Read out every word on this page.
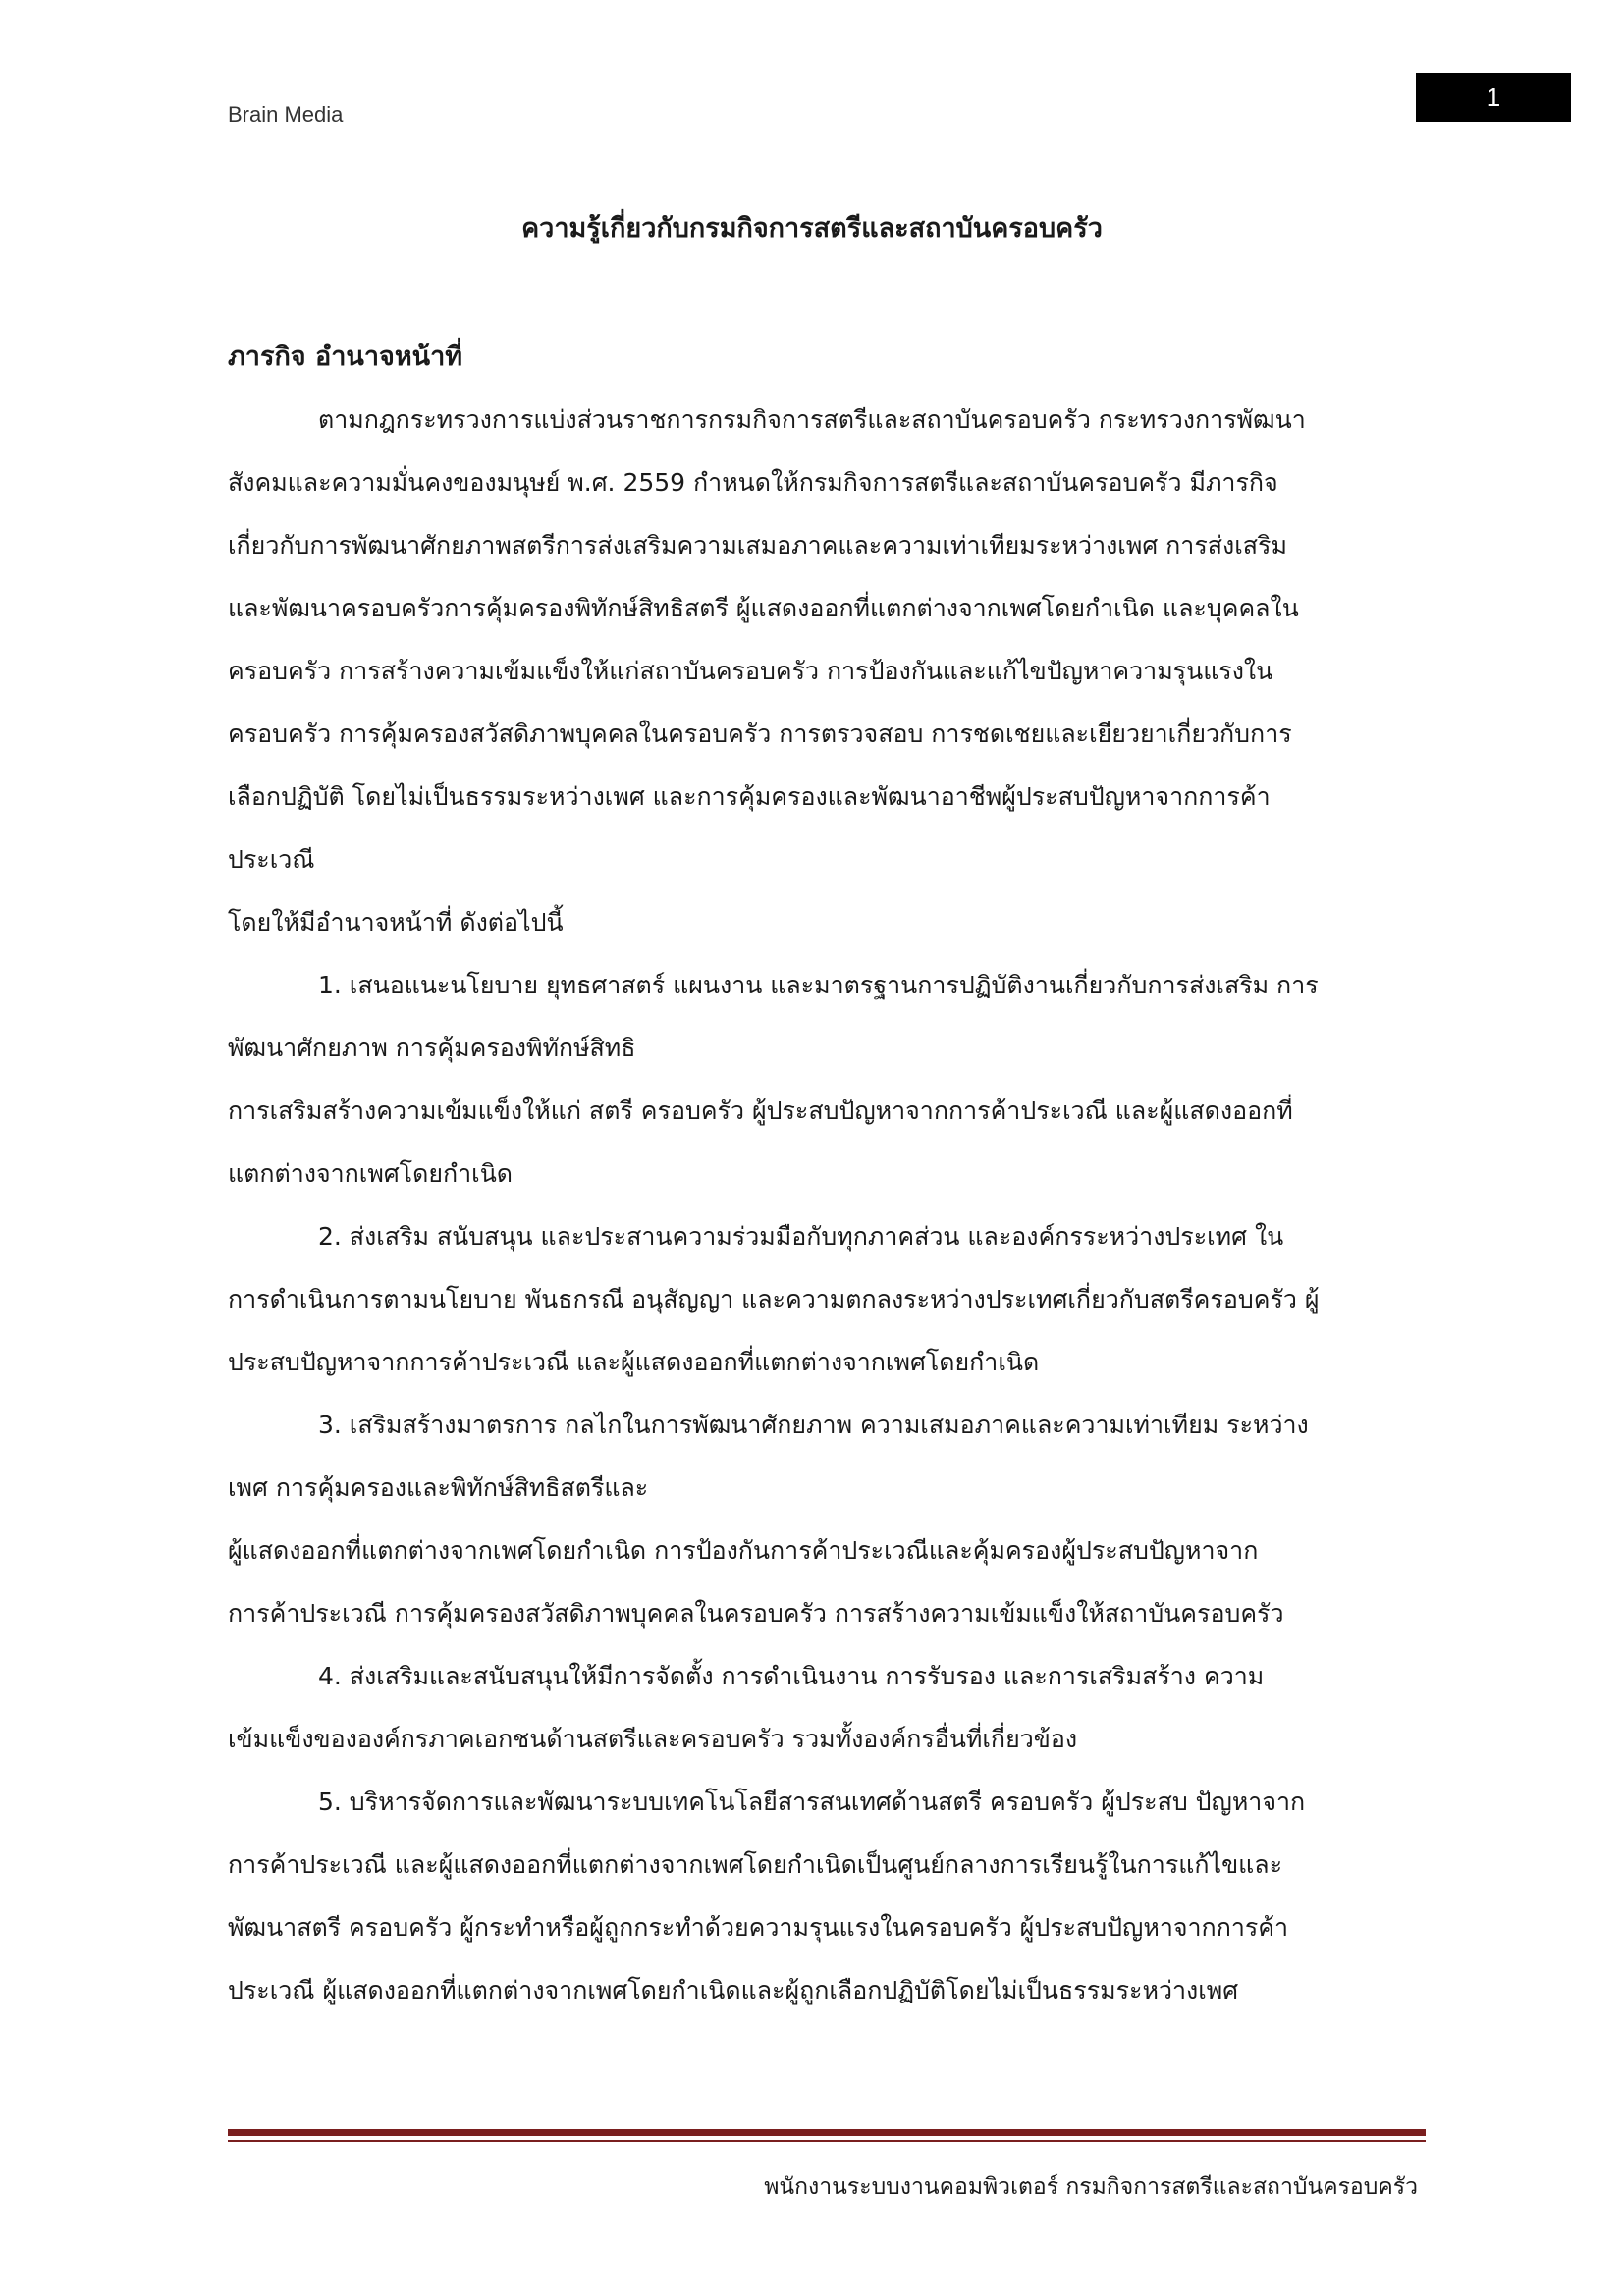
Brain Media
1
ความรู้เกี่ยวกับกรมกิจการสตรีและสถาบันครอบครัว
ภารกิจ อำนาจหน้าที่
ตามกฎกระทรวงการแบ่งส่วนราชการกรมกิจการสตรีและสถาบันครอบครัว กระทรวงการพัฒนา
สังคมและความมั่นคงของมนุษย์ พ.ศ. 2559 กำหนดให้กรมกิจการสตรีและสถาบันครอบครัว มีภารกิจ
เกี่ยวกับการพัฒนาศักยภาพสตรีการส่งเสริมความเสมอภาคและความเท่าเทียมระหว่างเพศ การส่งเสริม
และพัฒนาครอบครัวการคุ้มครองพิทักษ์สิทธิสตรี ผู้แสดงออกที่แตกต่างจากเพศโดยกำเนิด และบุคคลใน
ครอบครัว การสร้างความเข้มแข็งให้แก่สถาบันครอบครัว การป้องกันและแก้ไขปัญหาความรุนแรงใน
ครอบครัว การคุ้มครองสวัสดิภาพบุคคลในครอบครัว การตรวจสอบ การชดเชยและเยียวยาเกี่ยวกับการ
เลือกปฏิบัติ โดยไม่เป็นธรรมระหว่างเพศ และการคุ้มครองและพัฒนาอาชีพผู้ประสบปัญหาจากการค้า
ประเวณี
โดยให้มีอำนาจหน้าที่ ดังต่อไปนี้
1. เสนอแนะนโยบาย ยุทธศาสตร์ แผนงาน และมาตรฐานการปฏิบัติงานเกี่ยวกับการส่งเสริม การ
พัฒนาศักยภาพ การคุ้มครองพิทักษ์สิทธิ
การเสริมสร้างความเข้มแข็งให้แก่ สตรี ครอบครัว ผู้ประสบปัญหาจากการค้าประเวณี และผู้แสดงออกที่
แตกต่างจากเพศโดยกำเนิด
2. ส่งเสริม สนับสนุน และประสานความร่วมมือกับทุกภาคส่วน และองค์กรระหว่างประเทศ ใน
การดำเนินการตามนโยบาย พันธกรณี อนุสัญญา และความตกลงระหว่างประเทศเกี่ยวกับสตรีครอบครัว ผู้
ประสบปัญหาจากการค้าประเวณี และผู้แสดงออกที่แตกต่างจากเพศโดยกำเนิด
3. เสริมสร้างมาตรการ กลไกในการพัฒนาศักยภาพ ความเสมอภาคและความเท่าเทียม ระหว่าง
เพศ การคุ้มครองและพิทักษ์สิทธิสตรีและ
ผู้แสดงออกที่แตกต่างจากเพศโดยกำเนิด การป้องกันการค้าประเวณีและคุ้มครองผู้ประสบปัญหาจาก
การค้าประเวณี การคุ้มครองสวัสดิภาพบุคคลในครอบครัว การสร้างความเข้มแข็งให้สถาบันครอบครัว
4. ส่งเสริมและสนับสนุนให้มีการจัดตั้ง การดำเนินงาน การรับรอง และการเสริมสร้าง ความ
เข้มแข็งขององค์กรภาคเอกชนด้านสตรีและครอบครัว รวมทั้งองค์กรอื่นที่เกี่ยวข้อง
5. บริหารจัดการและพัฒนาระบบเทคโนโลยีสารสนเทศด้านสตรี ครอบครัว ผู้ประสบ ปัญหาจาก
การค้าประเวณี และผู้แสดงออกที่แตกต่างจากเพศโดยกำเนิดเป็นศูนย์กลางการเรียนรู้ในการแก้ไขและ
พัฒนาสตรี ครอบครัว ผู้กระทำหรือผู้ถูกกระทำด้วยความรุนแรงในครอบครัว ผู้ประสบปัญหาจากการค้า
ประเวณี ผู้แสดงออกที่แตกต่างจากเพศโดยกำเนิดและผู้ถูกเลือกปฏิบัติโดยไม่เป็นธรรมระหว่างเพศ
พนักงานระบบงานคอมพิวเตอร์ กรมกิจการสตรีและสถาบันครอบครัว
